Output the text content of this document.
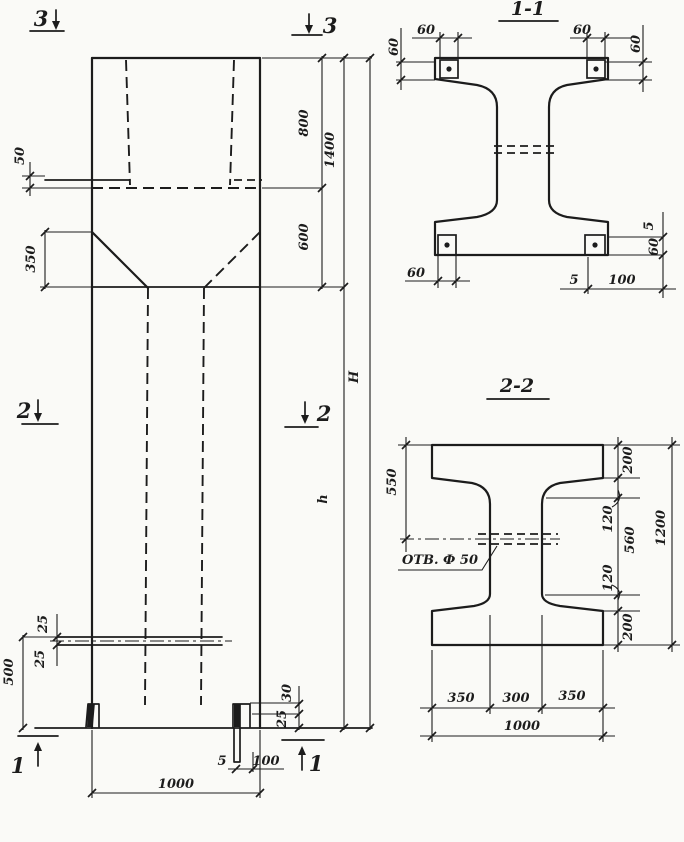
50
350
800
1400
600
H
h
25
25
500
30
25
5 100
1000
3	3
2	2
1	1
1-1
60	60
60	60
60	5 100
5
60
2-2
ОТВ. Ф 50
550
200
120
560
120
200
1200
350 300 350
1000
